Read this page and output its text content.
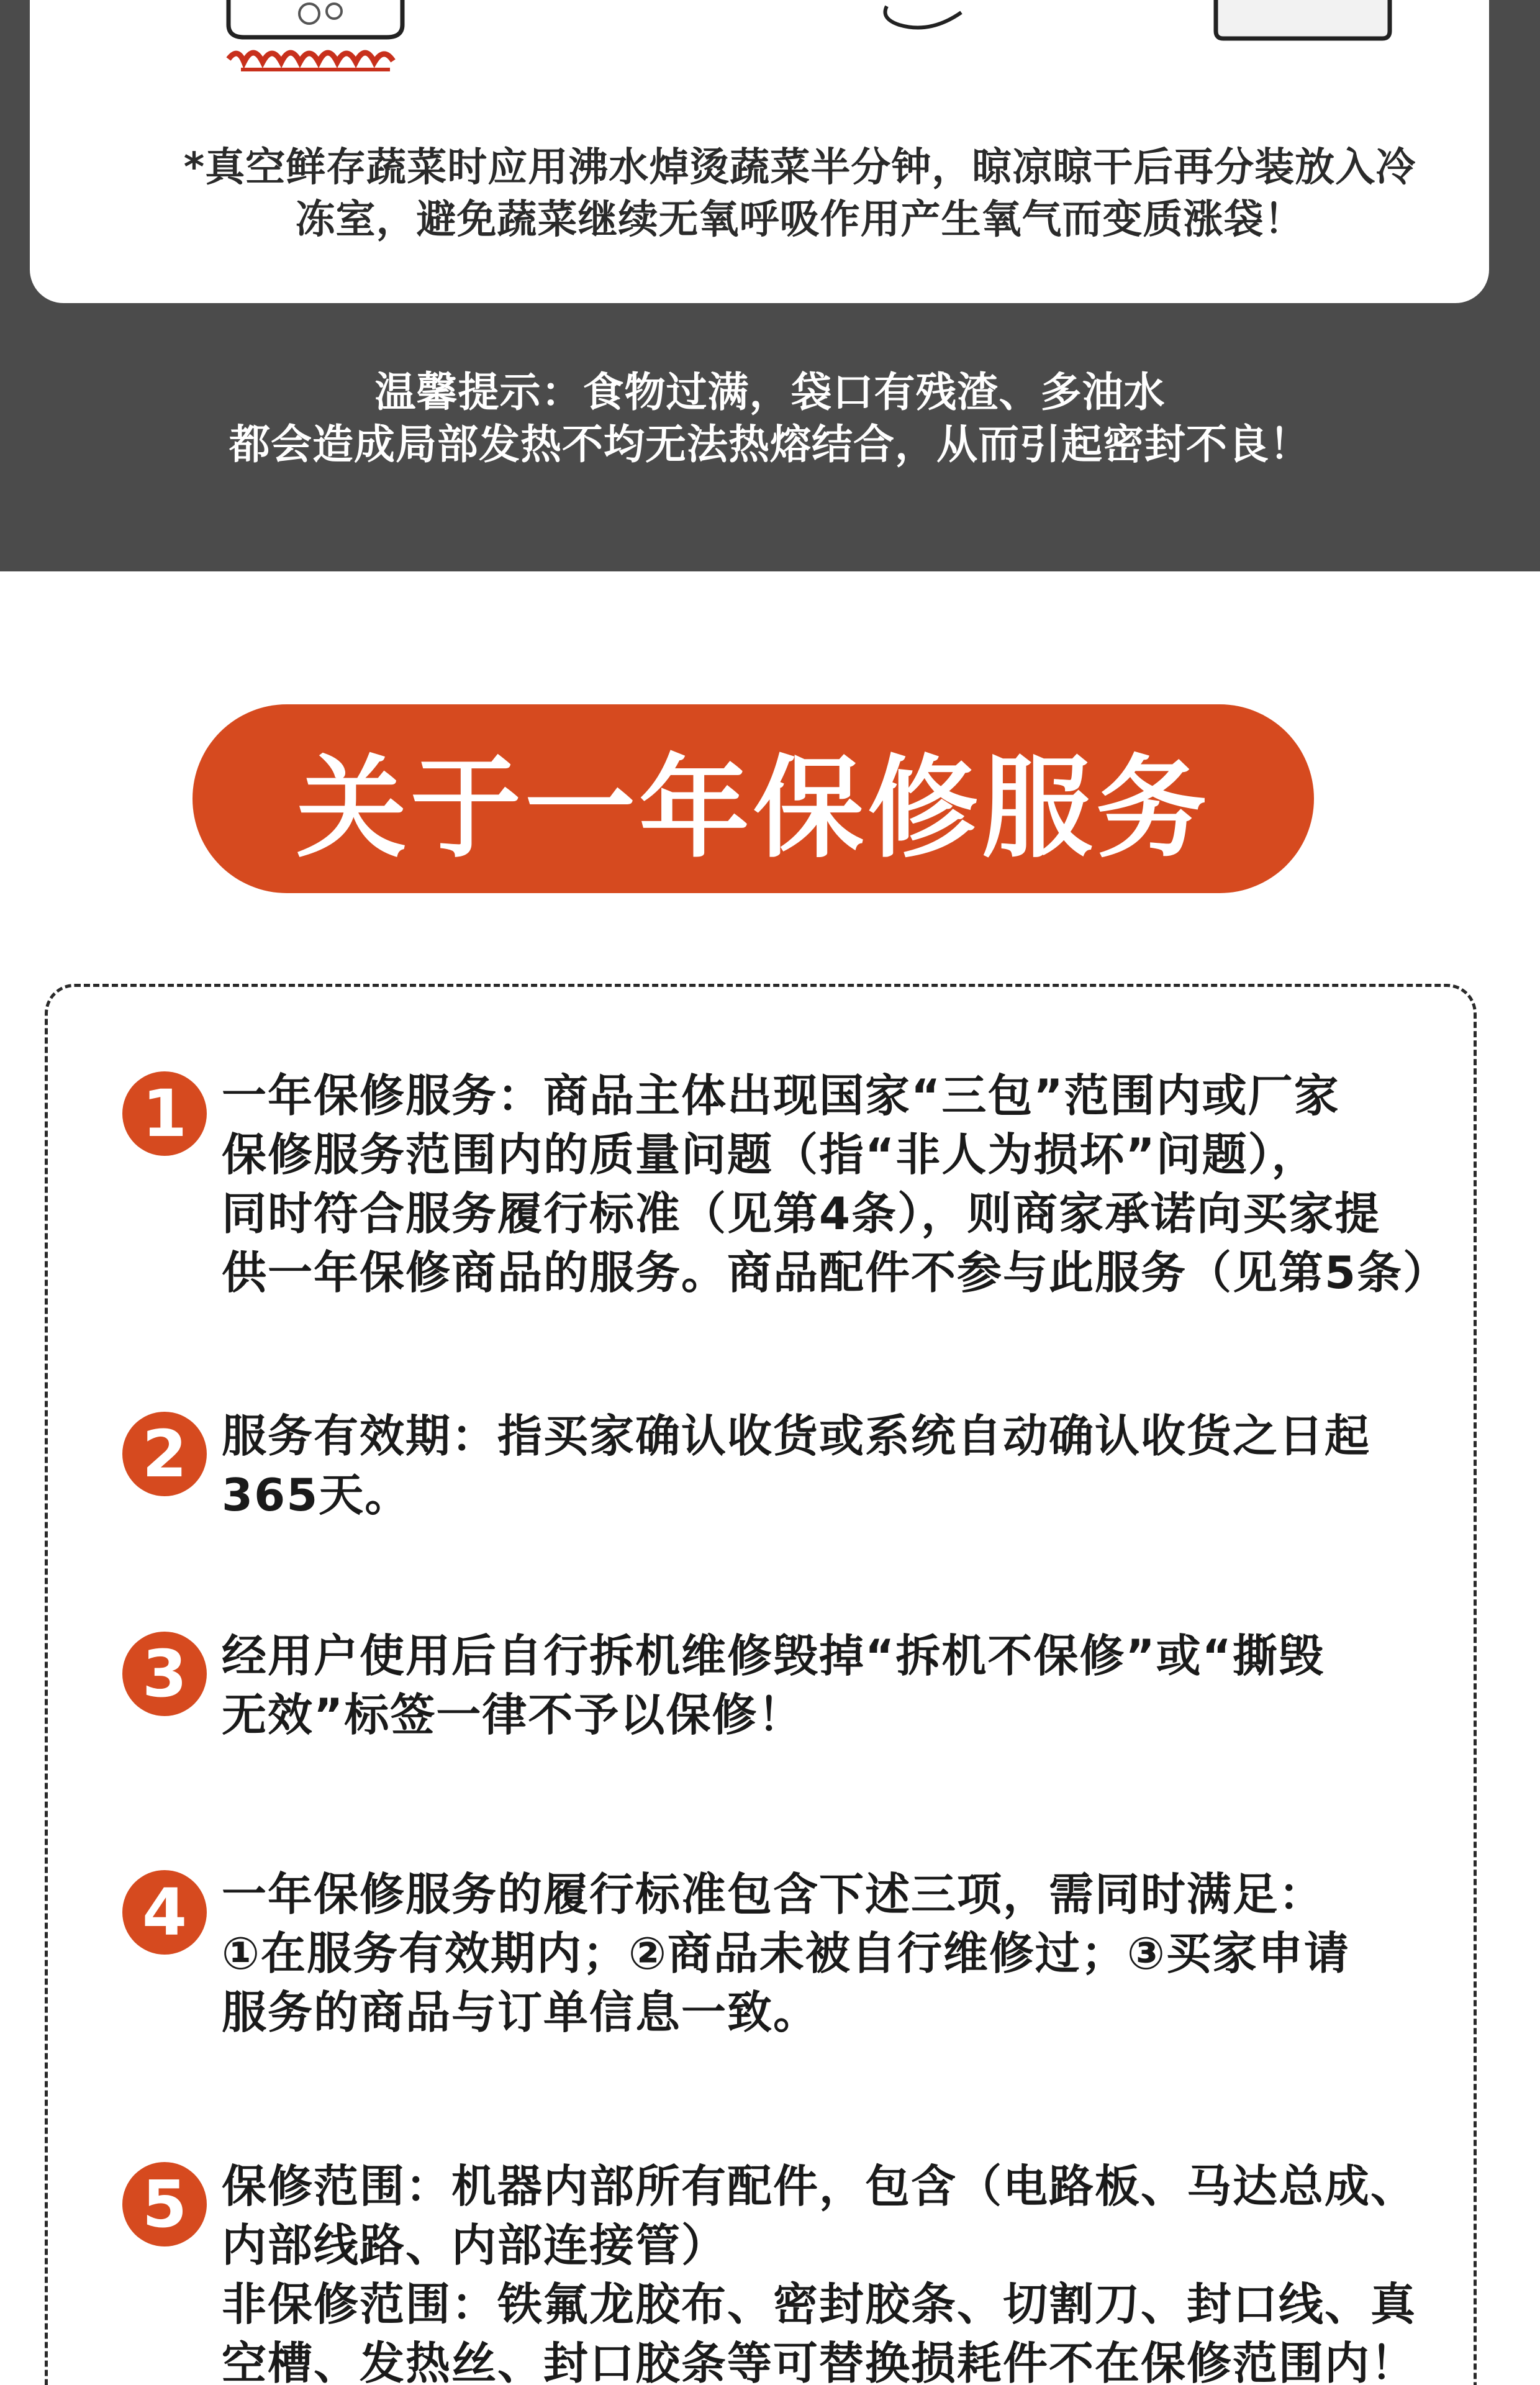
*真空鲜存蔬菜时应用沸水焯烫蔬菜半分钟，晾凉晾干后再分装放入冷
冻室，避免蔬菜继续无氧呼吸作用产生氧气而变质涨袋！
温馨提示：食物过满，袋口有残渣、多油水
都会造成局部发热不均无法热熔结合，从而引起密封不良！
关于一年保修服务
1 一年保修服务：商品主体出现国家“三包”范围内或厂家
保修服务范围内的质量问题（指“非人为损坏”问题），
同时符合服务履行标准（见第4条），则商家承诺向买家提
供一年保修商品的服务。商品配件不参与此服务（见第5条）
2 服务有效期：指买家确认收货或系统自动确认收货之日起
365天。
3 经用户使用后自行拆机维修毁掉“拆机不保修”或“撕毁
无效”标签一律不予以保修！
4 一年保修服务的履行标准包含下述三项，需同时满足：
①在服务有效期内；②商品未被自行维修过；③买家申请
服务的商品与订单信息一致。
5 保修范围：机器内部所有配件，包含（电路板、马达总成、
内部线路、内部连接管）
非保修范围：铁氟龙胶布、密封胶条、切割刀、封口线、真
空槽、发热丝、封口胶条等可替换损耗件不在保修范围内！
